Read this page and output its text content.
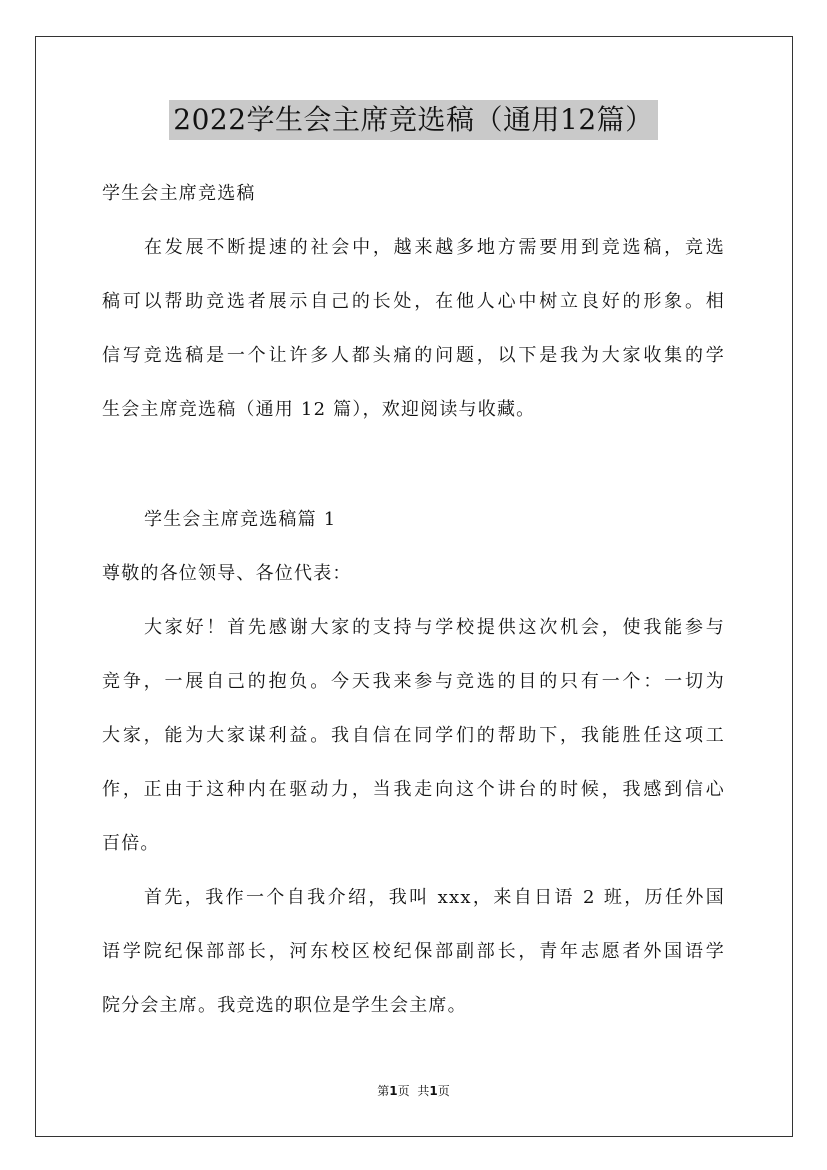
2022学生会主席竞选稿（通用12篇）
学生会主席竞选稿
在发展不断提速的社会中，越来越多地方需要用到竞选稿，竞选
稿可以帮助竞选者展示自己的长处，在他人心中树立良好的形象。相
信写竞选稿是一个让许多人都头痛的问题，以下是我为大家收集的学
生会主席竞选稿（通用 12 篇），欢迎阅读与收藏。
学生会主席竞选稿篇 1
尊敬的各位领导、各位代表：
大家好！首先感谢大家的支持与学校提供这次机会，使我能参与
竞争，一展自己的抱负。今天我来参与竞选的目的只有一个：一切为
大家，能为大家谋利益。我自信在同学们的帮助下，我能胜任这项工
作，正由于这种内在驱动力，当我走向这个讲台的时候，我感到信心
百倍。
首先，我作一个自我介绍，我叫 xxx，来自日语 2 班，历任外国
语学院纪保部部长，河东校区校纪保部副部长，青年志愿者外国语学
院分会主席。我竞选的职位是学生会主席。
第1页 共1页
